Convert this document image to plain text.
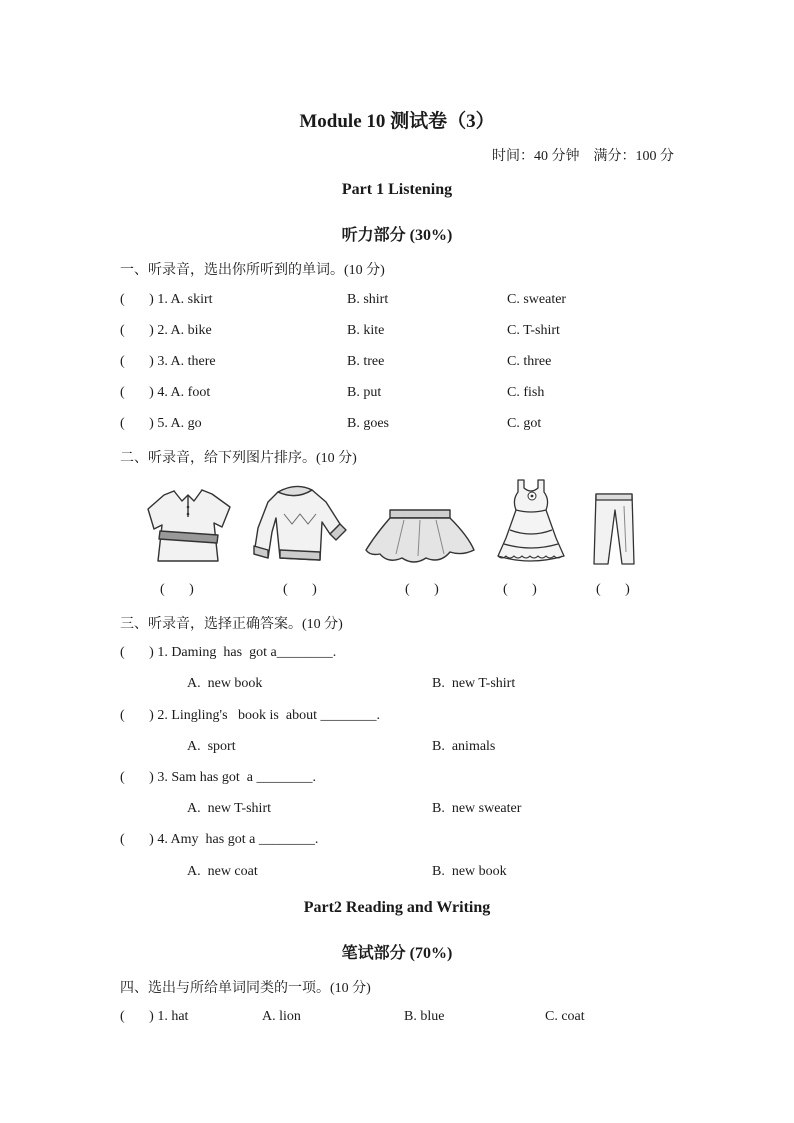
Module 10 测试卷（3）
时间：40 分钟    满分：100 分
Part 1 Listening
听力部分 (30%)
一、听录音，选出你所听到的单词。(10 分)
(       ) 1. A. skirt	B. shirt	C. sweater
(       ) 2. A. bike	B. kite	C. T-shirt
(       ) 3. A. there	B. tree	C. three
(       ) 4. A. foot	B. put	C. fish
(       ) 5. A. go	B. goes	C. got
二、听录音，给下列图片排序。(10 分)
(       )	(       )	(       )	(       )	(       )
三、听录音，选择正确答案。(10 分)
(       ) 1. Daming  has  got a________.
A.  new book	B.  new T-shirt
(       ) 2. Lingling's   book is  about ________.
A.  sport	B.  animals
(       ) 3. Sam has got  a ________.
A.  new T-shirt	B.  new sweater
(       ) 4. Amy  has got a ________.
A.  new coat	B.  new book
Part2 Reading and Writing
笔试部分 (70%)
四、选出与所给单词同类的一项。(10 分)
(       ) 1. hat	A. lion	B. blue	C. coat
